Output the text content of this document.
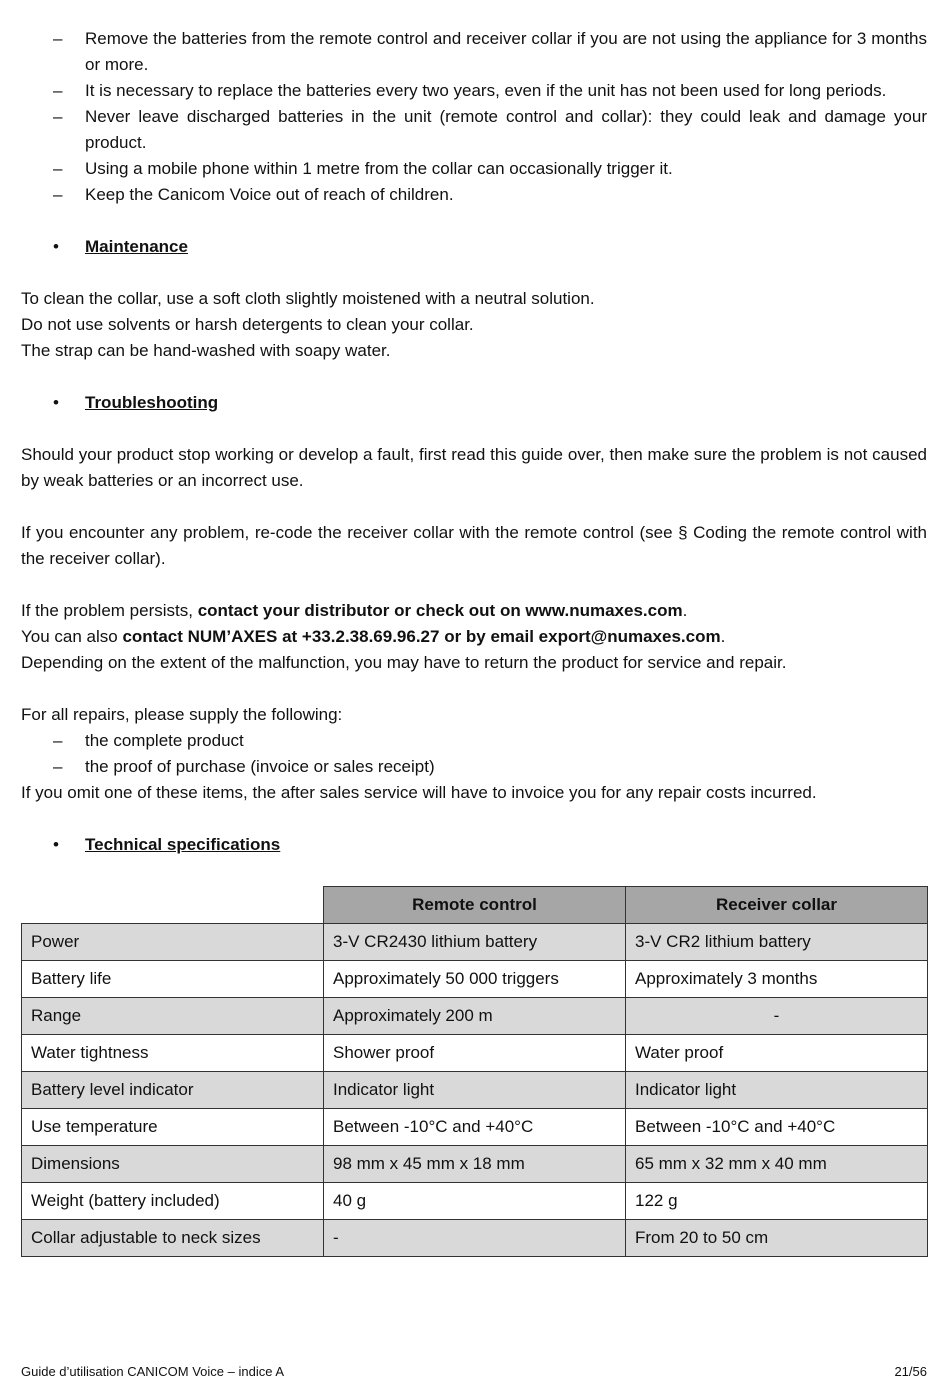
– Remove the batteries from the remote control and receiver collar if you are not using the appliance for 3 months or more.
– It is necessary to replace the batteries every two years, even if the unit has not been used for long periods.
– Never leave discharged batteries in the unit (remote control and collar): they could leak and damage your product.
– Using a mobile phone within 1 metre from the collar can occasionally trigger it.
– Keep the Canicom Voice out of reach of children.
• Maintenance
To clean the collar, use a soft cloth slightly moistened with a neutral solution.
Do not use solvents or harsh detergents to clean your collar.
The strap can be hand-washed with soapy water.
• Troubleshooting
Should your product stop working or develop a fault, first read this guide over, then make sure the problem is not caused by weak batteries or an incorrect use.
If you encounter any problem, re-code the receiver collar with the remote control (see § Coding the remote control with the receiver collar).
If the problem persists, contact your distributor or check out on www.numaxes.com.
You can also contact NUM’AXES at +33.2.38.69.96.27 or by email export@numaxes.com.
Depending on the extent of the malfunction, you may have to return the product for service and repair.
For all repairs, please supply the following:
– the complete product
– the proof of purchase (invoice or sales receipt)
If you omit one of these items, the after sales service will have to invoice you for any repair costs incurred.
• Technical specifications
	Remote control	Receiver collar
Power	3-V CR2430 lithium battery	3-V CR2 lithium battery
Battery life	Approximately 50 000 triggers	Approximately 3 months
Range	Approximately 200 m	-
Water tightness	Shower proof	Water proof
Battery level indicator	Indicator light	Indicator light
Use temperature	Between -10°C and +40°C	Between -10°C and +40°C
Dimensions	98 mm x 45 mm x 18 mm	65 mm x 32 mm x 40 mm
Weight (battery included)	40 g	122 g
Collar adjustable to neck sizes	-	From 20 to 50 cm
Guide d’utilisation CANICOM Voice – indice A	21/56
